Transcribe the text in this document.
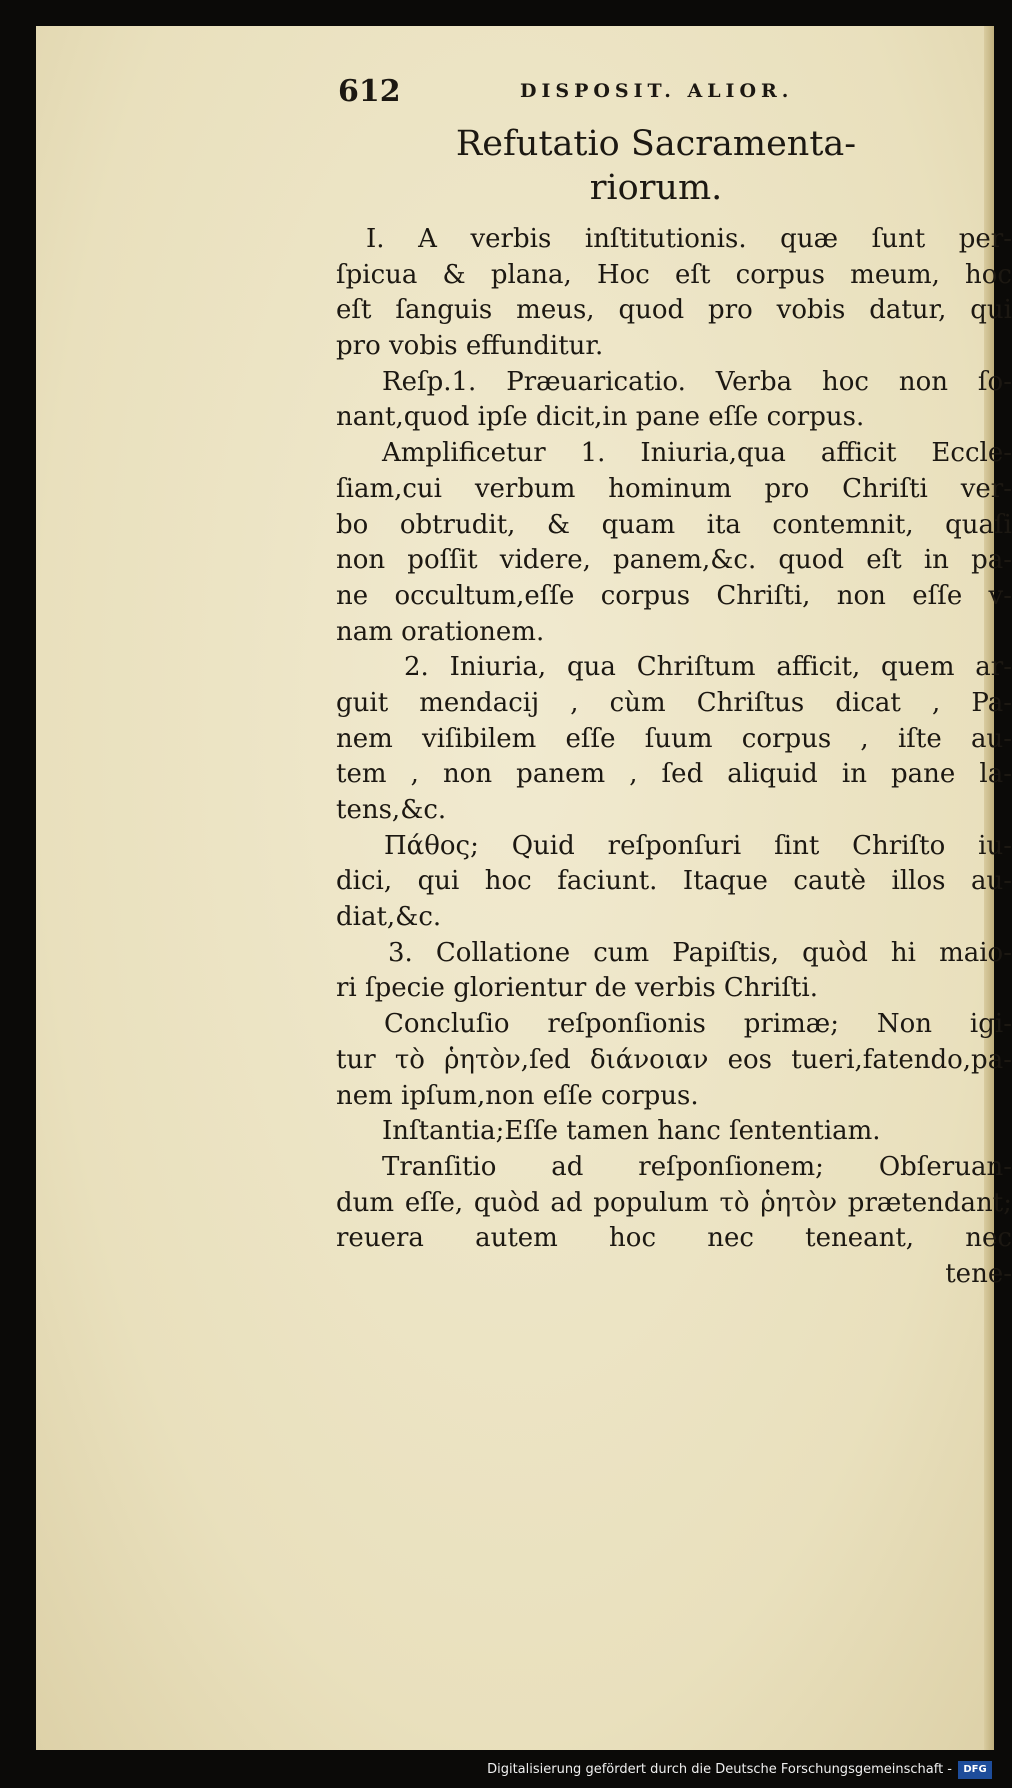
612	DISPOSIT. ALIOR.
Refutatio Sacramenta-
riorum.
I. A verbis inſtitutionis. quæ ſunt per-
ſpicua & plana, Hoc eſt corpus meum, hoc
eſt ſanguis meus, quod pro vobis datur, qui
pro vobis effunditur.
Reſp.1. Præuaricatio. Verba hoc non ſo-
nant,quod ipſe dicit,in pane eſſe corpus.
Amplificetur 1. Iniuria,qua afficit Eccle-
ſiam,cui verbum hominum pro Chriſti ver-
bo obtrudit, & quam ita contemnit, quaſi
non poſſit videre, panem,&c. quod eſt in pa-
ne occultum,eſſe corpus Chriſti, non eſſe v-
nam orationem.
2. Iniuria, qua Chriſtum afficit, quem ar-
guit mendacij , cùm Chriſtus dicat , Pa-
nem viſibilem eſſe ſuum corpus , iſte au-
tem , non panem , ſed aliquid in pane la-
tens,&c.
Πάθος; Quid reſponſuri ſint Chriſto iu-
dici, qui hoc faciunt. Itaque cautè illos au-
diat,&c.
3. Collatione cum Papiſtis, quòd hi maio-
ri ſpecie glorientur de verbis Chriſti.
Concluſio reſponſionis primæ; Non igi-
tur τὸ ῥητὸν,ſed διάνοιαν eos tueri,fatendo,pa-
nem ipſum,non eſſe corpus.
Inſtantia;Eſſe tamen hanc ſententiam.
Tranſitio ad reſponſionem; Obſeruan-
dum eſſe, quòd ad populum τὸ ῥητὸν prætendant;
reuera autem hoc nec teneant, nec
tene-
Digitalisierung gefördert durch die Deutsche Forschungsgemeinschaft -	DFG
